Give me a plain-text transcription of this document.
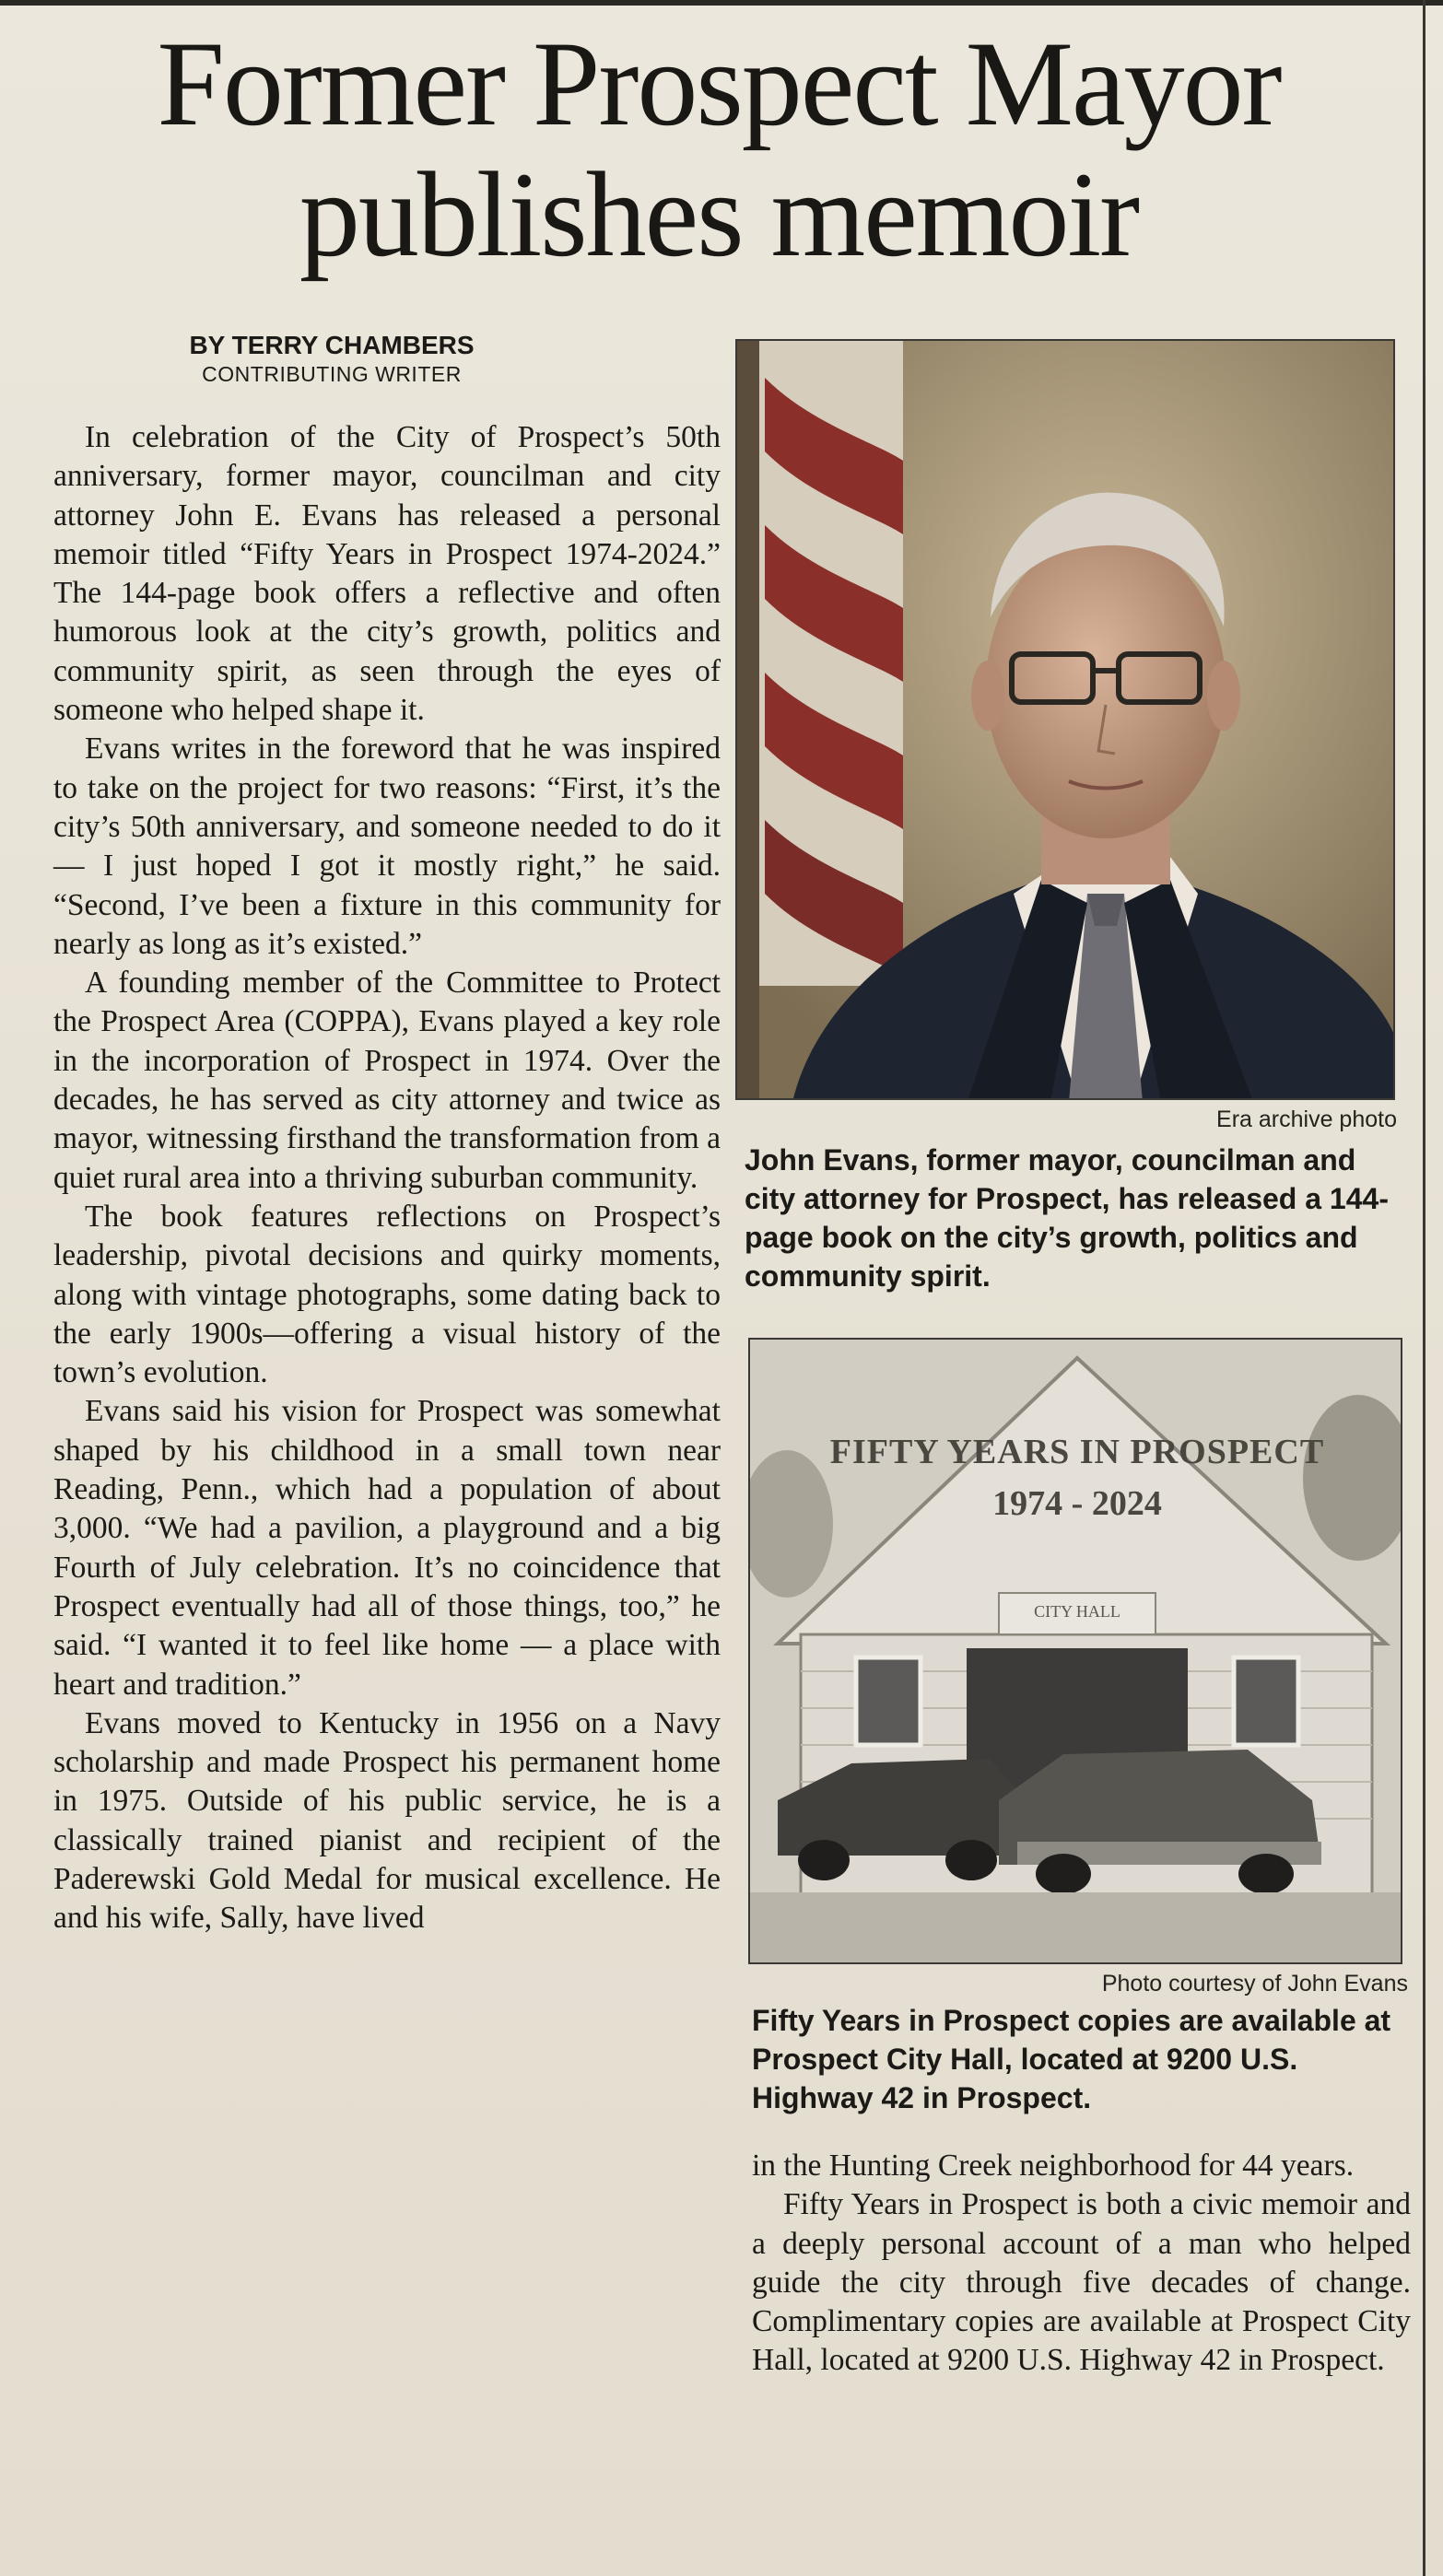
Former Prospect Mayor publishes memoir
BY TERRY CHAMBERS
CONTRIBUTING WRITER

In celebration of the City of Prospect’s 50th anniversary, former mayor, councilman and city attorney John E. Evans has released a personal memoir titled “Fifty Years in Prospect 1974-2024.” The 144-page book offers a reflective and often humorous look at the city’s growth, politics and community spirit, as seen through the eyes of someone who helped shape it.

Evans writes in the foreword that he was inspired to take on the project for two reasons: “First, it’s the city’s 50th anniversary, and someone needed to do it — I just hoped I got it mostly right,” he said. “Second, I’ve been a fixture in this community for nearly as long as it’s existed.”

A founding member of the Committee to Protect the Prospect Area (COPPA), Evans played a key role in the incorporation of Prospect in 1974. Over the decades, he has served as city attorney and twice as mayor, witnessing firsthand the transformation from a quiet rural area into a thriving suburban community.

The book features reflections on Prospect’s leadership, pivotal decisions and quirky moments, along with vintage photographs, some dating back to the early 1900s—offering a visual history of the town’s evolution.

Evans said his vision for Prospect was somewhat shaped by his childhood in a small town near Reading, Penn., which had a population of about 3,000. “We had a pavilion, a playground and a big Fourth of July celebration. It’s no coincidence that Prospect eventually had all of those things, too,” he said. “I wanted it to feel like home — a place with heart and tradition.”

Evans moved to Kentucky in 1956 on a Navy scholarship and made Prospect his permanent home in 1975. Outside of his public service, he is a classically trained pianist and recipient of the Paderewski Gold Medal for musical excellence. He and his wife, Sally, have lived

Era archive photo
John Evans, former mayor, councilman and city attorney for Prospect, has released a 144-page book on the city’s growth, politics and community spirit.
FIFTY YEARS IN PROSPECT
1974 - 2024
CITY HALL
Photo courtesy of John Evans
Fifty Years in Prospect copies are available at Prospect City Hall, located at 9200 U.S. Highway 42 in Prospect.

in the Hunting Creek neighborhood for 44 years.

Fifty Years in Prospect is both a civic memoir and a deeply personal account of a man who helped guide the city through five decades of change. Complimentary copies are available at Prospect City Hall, located at 9200 U.S. Highway 42 in Prospect.
